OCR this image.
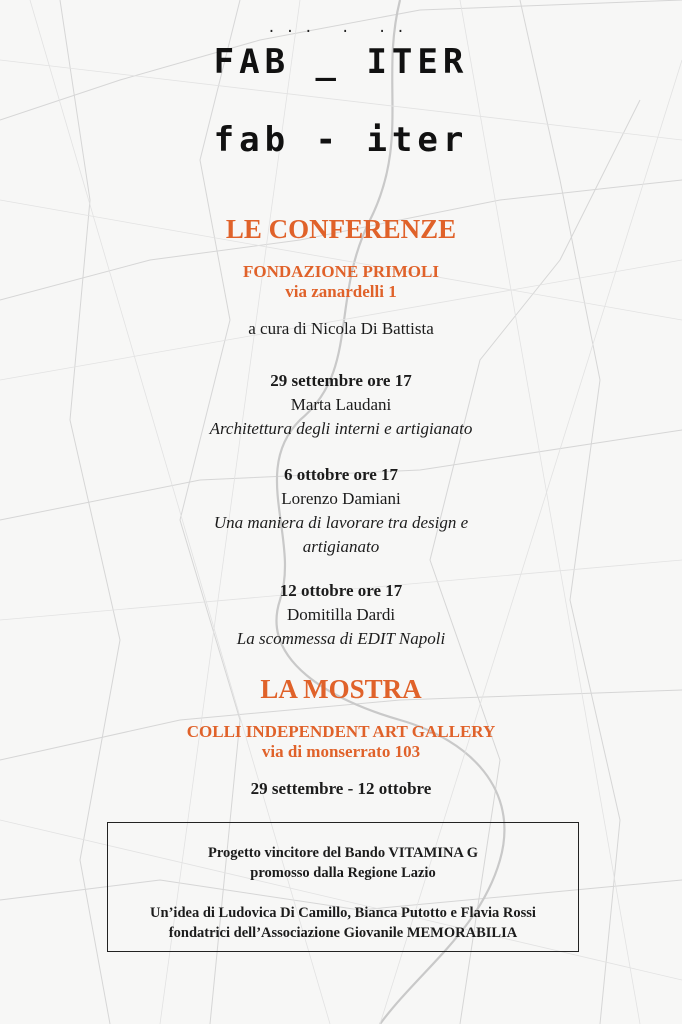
··· · ··
FAB _ ITER
fab - iter
LE CONFERENZE
FONDAZIONE PRIMOLI
via zanardelli 1
a cura di Nicola Di Battista
29 settembre ore 17
Marta Laudani
Architettura degli interni e artigianato
6 ottobre ore 17
Lorenzo Damiani
Una maniera di lavorare tra design e
artigianato
12 ottobre ore 17
Domitilla Dardi
La scommessa di EDIT Napoli
LA MOSTRA
COLLI INDEPENDENT ART GALLERY
via di monserrato 103
29 settembre - 12 ottobre
Progetto vincitore del Bando VITAMINA G
promosso dalla Regione Lazio
Un’idea di Ludovica Di Camillo, Bianca Putotto e Flavia Rossi
fondatrici dell’Associazione Giovanile MEMORABILIA
